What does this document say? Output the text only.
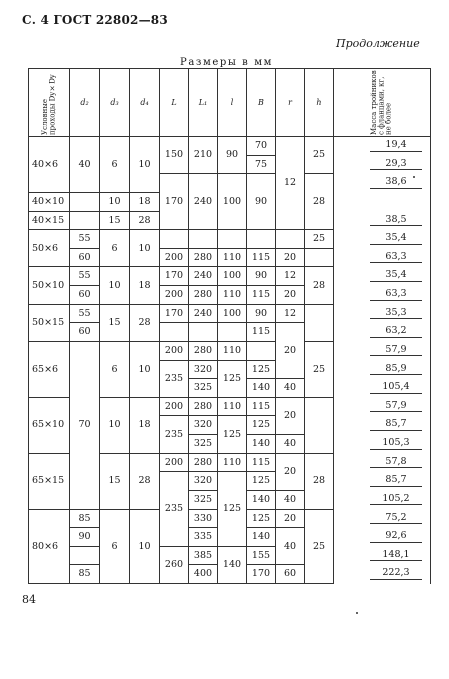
С. 4 ГОСТ 22802—83
Продолжение
Размеры в мм
Условные проходы Dy×Dy	d₂	d₃	d₄	L	L₁	l	B	r	h	Масса тройников с фланцами, кг, не более
40×6	40	6	10	150	210	90	70	12	25	19,4
							75			29,3
				170	240	100	90		28	38,6
40×10		10	18							
40×15		15	28							38,5
50×6	55	6	10						25	35,4
	60			200	280	110	115	20		63,3
50×10	55	10	18	170	240	100	90	12	28	35,4
	60			200	280	110	115	20		63,3
50×15	55	15	28	170	240	100	90	12		35,3
	60						115	20		63,2
65×6	70	6	10	200	280	110			25	57,9
				235	320	125	125			85,9
					325		140	40		105,4
65×10		10	18	200	280	110	115	20		57,9
				235	320	125	125			85,7
					325		140	40		105,3
65×15		15	28	200	280	110	115	20	28	57,8
				235	320	125	125			85,7
					325		140	40		105,2
80×6	85	6	10		330		125	20	25	75,2
	90				335		140	40		92,6
				260	385	140	155			148,1
	85				400		170	60		222,3
84
